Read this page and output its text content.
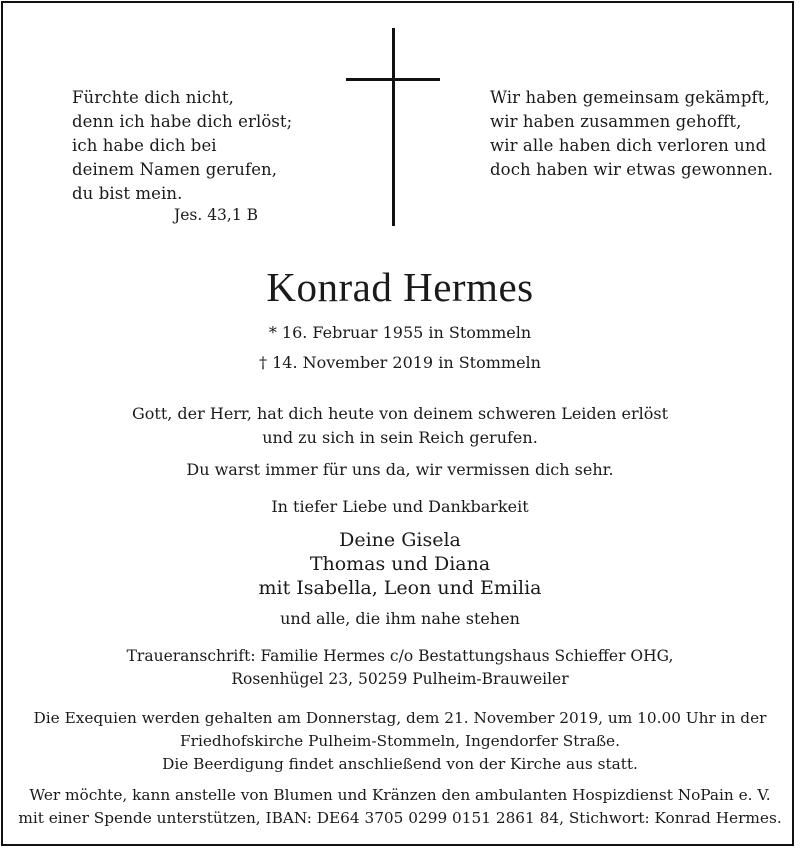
Fürchte dich nicht,
denn ich habe dich erlöst;
ich habe dich bei
deinem Namen gerufen,
du bist mein.
Jes. 43,1 B
Wir haben gemeinsam gekämpft,
wir haben zusammen gehofft,
wir alle haben dich verloren und
doch haben wir etwas gewonnen.
Konrad Hermes
* 16. Februar 1955 in Stommeln
† 14. November 2019 in Stommeln
Gott, der Herr, hat dich heute von deinem schweren Leiden erlöst
und zu sich in sein Reich gerufen.
Du warst immer für uns da, wir vermissen dich sehr.
In tiefer Liebe und Dankbarkeit
Deine Gisela
Thomas und Diana
mit Isabella, Leon und Emilia
und alle, die ihm nahe stehen
Traueranschrift: Familie Hermes c/o Bestattungshaus Schieffer OHG,
Rosenhügel 23, 50259 Pulheim-Brauweiler
Die Exequien werden gehalten am Donnerstag, dem 21. November 2019, um 10.00 Uhr in der
Friedhofskirche Pulheim-Stommeln, Ingendorfer Straße.
Die Beerdigung findet anschließend von der Kirche aus statt.
Wer möchte, kann anstelle von Blumen und Kränzen den ambulanten Hospizdienst NoPain e. V.
mit einer Spende unterstützen, IBAN: DE64 3705 0299 0151 2861 84, Stichwort: Konrad Hermes.
